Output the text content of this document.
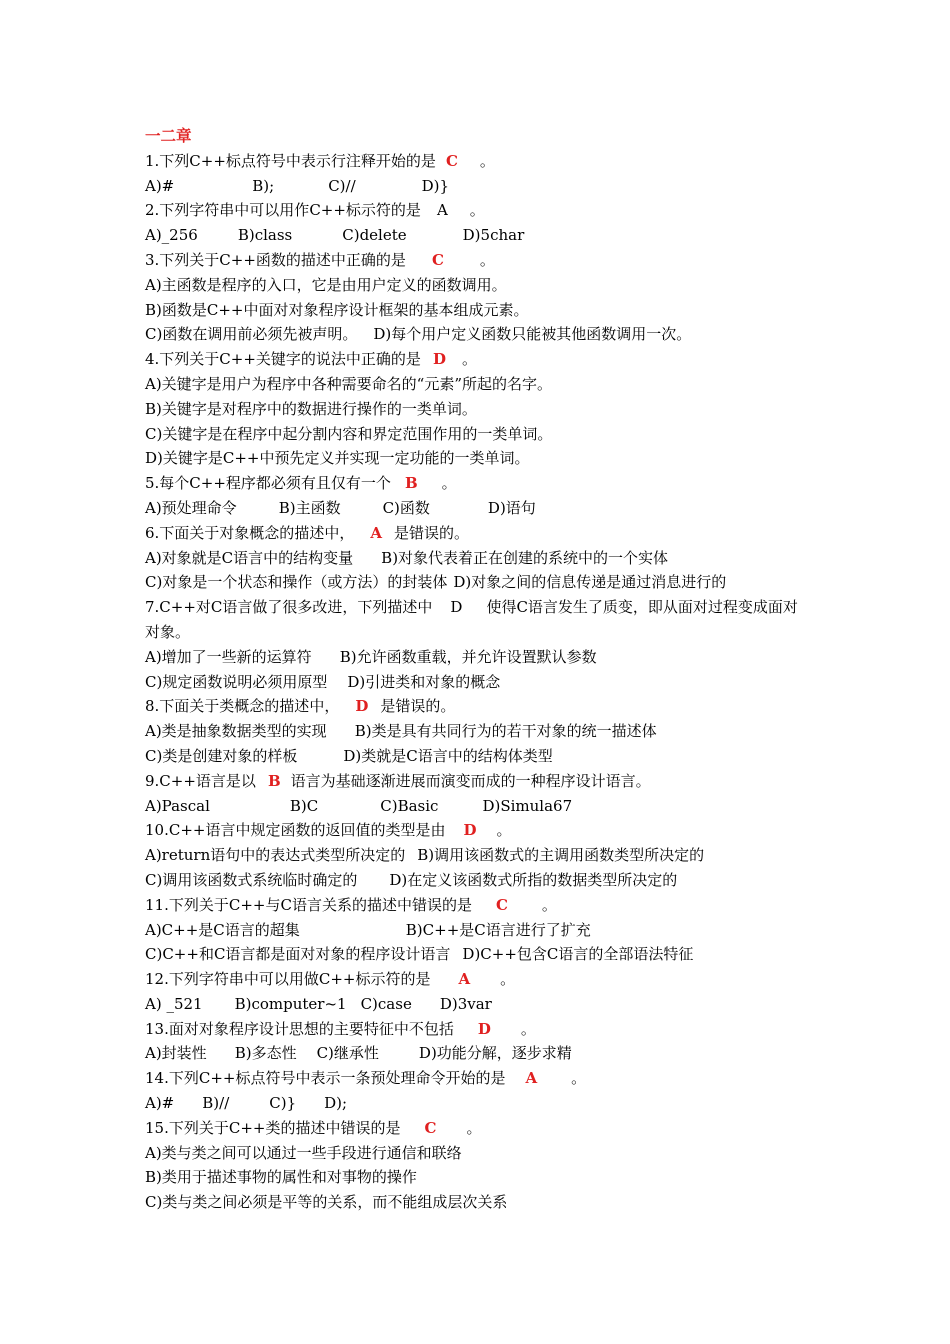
一二章
1.下列C++标点符号中表示行注释开始的是 C 。
A)#	B);	C)//	D)}
2.下列字符串中可以用作C++标示符的是 A 。
A)_256	B)class	C)delete	D)5char
3.下列关于C++函数的描述中正确的是 C 。
A)主函数是程序的入口，它是由用户定义的函数调用。
B)函数是C++中面对对象程序设计框架的基本组成元素。
C)函数在调用前必须先被声明。 D)每个用户定义函数只能被其他函数调用一次。
4.下列关于C++关键字的说法中正确的是 D 。
A)关键字是用户为程序中各种需要命名的“元素”所起的名字。
B)关键字是对程序中的数据进行操作的一类单词。
C)关键字是在程序中起分割内容和界定范围作用的一类单词。
D)关键字是C++中预先定义并实现一定功能的一类单词。
5.每个C++程序都必须有且仅有一个 B 。
A)预处理命令	B)主函数	C)函数	D)语句
6.下面关于对象概念的描述中， A 是错误的。
A)对象就是C语言中的结构变量 B)对象代表着正在创建的系统中的一个实体
C)对象是一个状态和操作（或方法）的封装体 D)对象之间的信息传递是通过消息进行的
7.C++对C语言做了很多改进，下列描述中 D 使得C语言发生了质变，即从面对过程变成面对对象。
A)增加了一些新的运算符 B)允许函数重载，并允许设置默认参数
C)规定函数说明必须用原型 D)引进类和对象的概念
8.下面关于类概念的描述中， D 是错误的。
A)类是抽象数据类型的实现 B)类是具有共同行为的若干对象的统一描述体
C)类是创建对象的样板	D)类就是C语言中的结构体类型
9.C++语言是以 B 语言为基础逐渐进展而演变而成的一种程序设计语言。
A)Pascal	B)C	C)Basic	D)Simula67
10.C++语言中规定函数的返回值的类型是由 D 。
A)return语句中的表达式类型所决定的 B)调用该函数式的主调用函数类型所决定的
C)调用该函数式系统临时确定的 D)在定义该函数式所指的数据类型所决定的
11.下列关于C++与C语言关系的描述中错误的是 C 。
A)C++是C语言的超集	B)C++是C语言进行了扩充
C)C++和C语言都是面对对象的程序设计语言 D)C++包含C语言的全部语法特征
12.下列字符串中可以用做C++标示符的是 A 。
A) _521 B)computer~1 C)case D)3var
13.面对对象程序设计思想的主要特征中不包括 D 。
A)封装性 B)多态性 C)继承性	D)功能分解，逐步求精
14.下列C++标点符号中表示一条预处理命令开始的是 A 。
A)# B)//	C)} D);
15.下列关于C++类的描述中错误的是 C 。
A)类与类之间可以通过一些手段进行通信和联络
B)类用于描述事物的属性和对事物的操作
C)类与类之间必须是平等的关系，而不能组成层次关系
